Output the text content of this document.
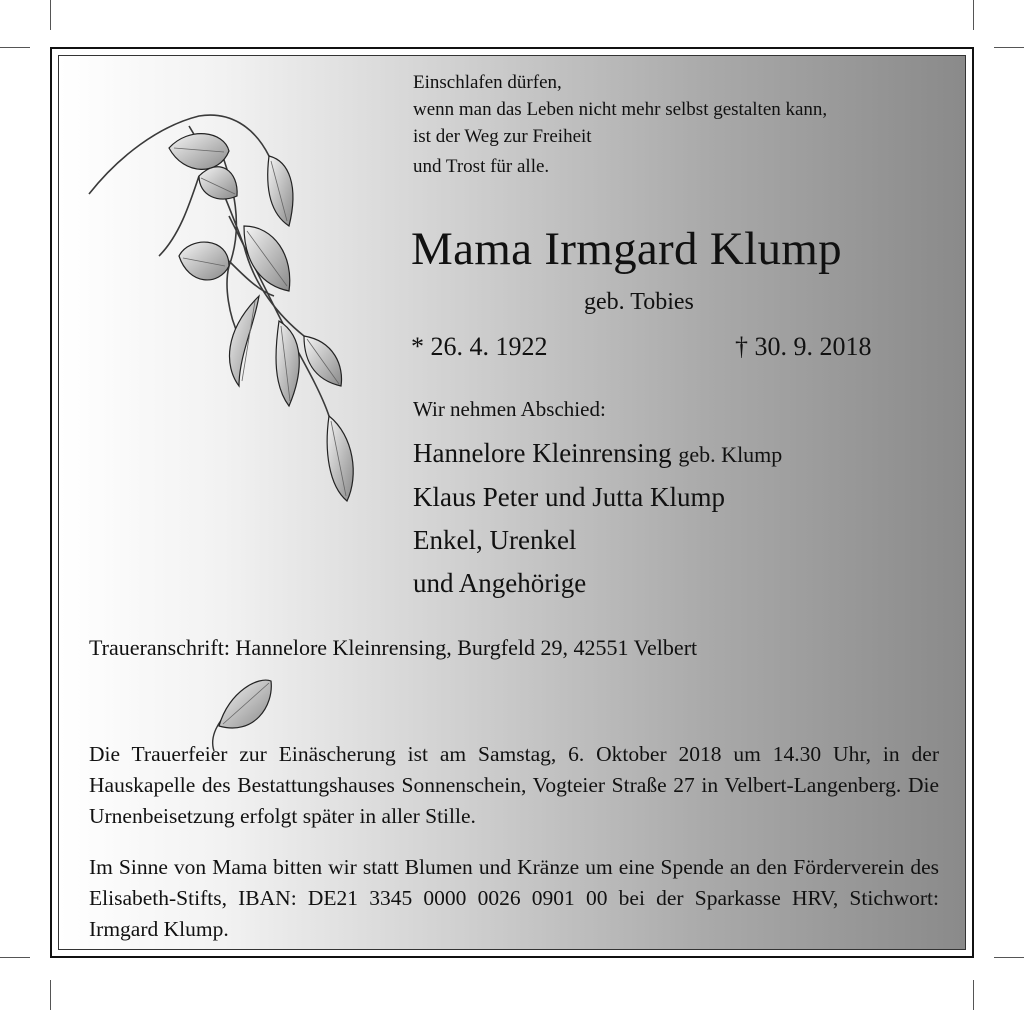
Einschlafen dürfen,
wenn man das Leben nicht mehr selbst gestalten kann,
ist der Weg zur Freiheit
und Trost für alle.
Mama Irmgard Klump
geb. Tobies
* 26. 4. 1922	† 30. 9. 2018
Wir nehmen Abschied:
Hannelore Kleinrensing geb. Klump
Klaus Peter und Jutta Klump
Enkel, Urenkel
und Angehörige
Traueranschrift: Hannelore Kleinrensing, Burgfeld 29, 42551 Velbert
Die Trauerfeier zur Einäscherung ist am Samstag, 6. Oktober 2018 um 14.30 Uhr, in der Hauskapelle des Bestattungshauses Sonnenschein, Vogteier Straße 27 in Velbert-Langenberg. Die Urnenbeisetzung erfolgt später in aller Stille.
Im Sinne von Mama bitten wir statt Blumen und Kränze um eine Spende an den Förderverein des Elisabeth-Stifts, IBAN: DE21 3345 0000 0026 0901 00 bei der Sparkasse HRV, Stichwort: Irmgard Klump.
